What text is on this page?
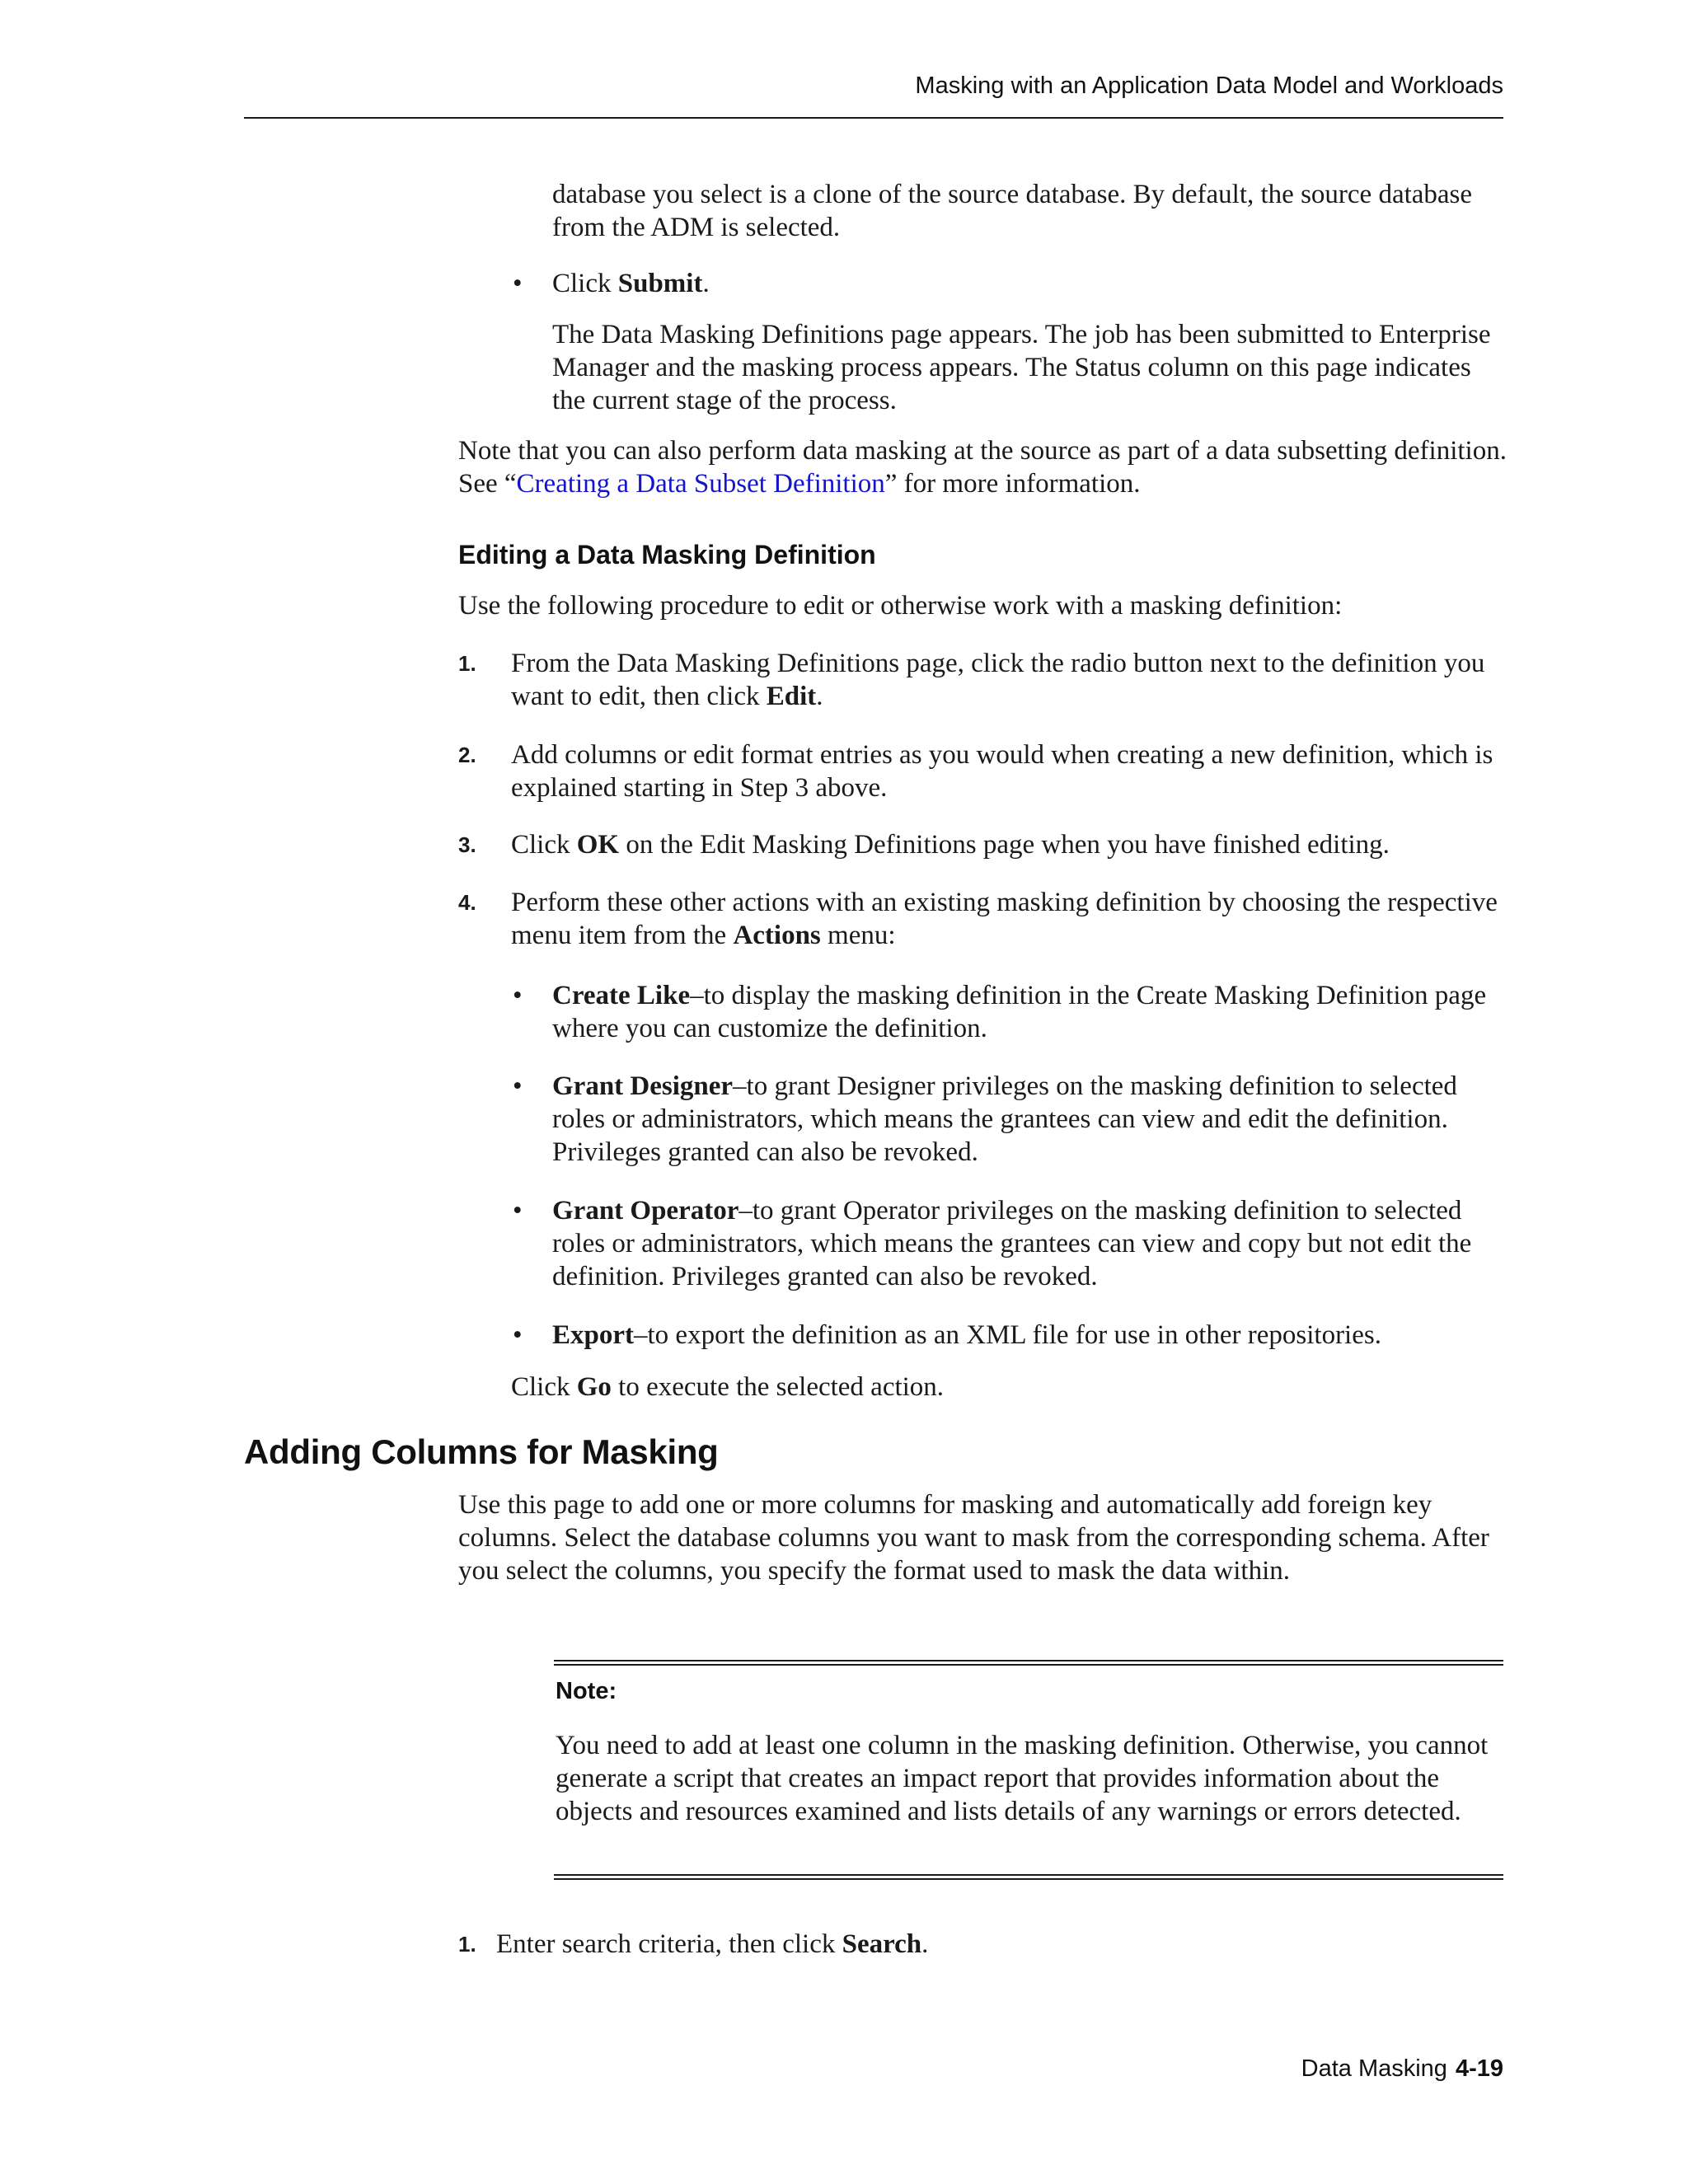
Masking with an Application Data Model and Workloads
database you select is a clone of the source database. By default, the source database from the ADM is selected.
• Click Submit.
The Data Masking Definitions page appears. The job has been submitted to Enterprise Manager and the masking process appears. The Status column on this page indicates the current stage of the process.
Note that you can also perform data masking at the source as part of a data subsetting definition. See “Creating a Data Subset Definition” for more information.
Editing a Data Masking Definition
Use the following procedure to edit or otherwise work with a masking definition:
1. From the Data Masking Definitions page, click the radio button next to the definition you want to edit, then click Edit.
2. Add columns or edit format entries as you would when creating a new definition, which is explained starting in Step 3 above.
3. Click OK on the Edit Masking Definitions page when you have finished editing.
4. Perform these other actions with an existing masking definition by choosing the respective menu item from the Actions menu:
• Create Like–to display the masking definition in the Create Masking Definition page where you can customize the definition.
• Grant Designer–to grant Designer privileges on the masking definition to selected roles or administrators, which means the grantees can view and edit the definition. Privileges granted can also be revoked.
• Grant Operator–to grant Operator privileges on the masking definition to selected roles or administrators, which means the grantees can view and copy but not edit the definition. Privileges granted can also be revoked.
• Export–to export the definition as an XML file for use in other repositories.
Click Go to execute the selected action.
Adding Columns for Masking
Use this page to add one or more columns for masking and automatically add foreign key columns. Select the database columns you want to mask from the corresponding schema. After you select the columns, you specify the format used to mask the data within.
Note:
You need to add at least one column in the masking definition. Otherwise, you cannot generate a script that creates an impact report that provides information about the objects and resources examined and lists details of any warnings or errors detected.
1. Enter search criteria, then click Search.
Data Masking 4-19
